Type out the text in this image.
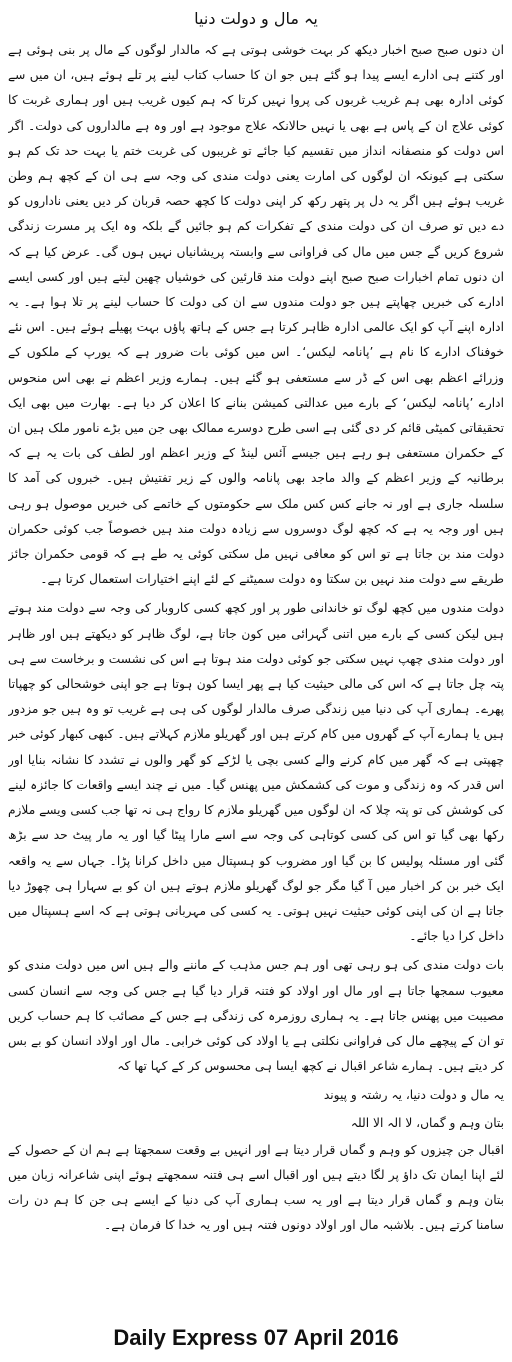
یہ مال و دولت دنیا

ان دنوں صبح صبح اخبار دیکھ کر بہت خوشی ہوتی ہے کہ مالدار لوگوں کے مال پر بنی ہوئی ہے اور کتنے ہی ادارے ایسے پیدا ہو گئے ہیں جو ان کا حساب کتاب لینے پر تلے ہوئے ہیں، ان میں سے کوئی ادارہ بھی ہم غریب غربوں کی پروا نہیں کرتا کہ ہم کیوں غریب ہیں اور ہماری غربت کا کوئی علاج ان کے پاس ہے بھی یا نہیں حالانکہ علاج موجود ہے اور وہ ہے مالداروں کی دولت۔ اگر اس دولت کو منصفانہ انداز میں تقسیم کیا جائے تو غریبوں کی غربت ختم یا بہت حد تک کم ہو سکتی ہے کیونکہ ان لوگوں کی امارت یعنی دولت مندی کی وجہ سے ہی ان کے کچھ ہم وطن غریب ہوئے ہیں اگر یہ دل پر پتھر رکھ کر اپنی دولت کا کچھ حصہ قربان کر دیں یعنی ناداروں کو دے دیں تو صرف ان کی دولت مندی کے تفکرات کم ہو جائیں گے بلکہ وہ ایک پر مسرت زندگی شروع کریں گے جس میں مال کی فراوانی سے وابستہ پریشانیاں نہیں ہوں گی۔ عرض کیا ہے کہ ان دنوں تمام اخبارات صبح صبح اپنے دولت مند قارئین کی خوشیاں چھین لیتے ہیں اور کسی ایسے ادارے کی خبریں چھاپتے ہیں جو دولت مندوں سے ان کی دولت کا حساب لینے پر تلا ہوا ہے۔ یہ ادارہ اپنے آپ کو ایک عالمی ادارہ ظاہر کرتا ہے جس کے ہاتھ پاؤں بہت پھیلے ہوئے ہیں۔ اس نئے خوفناک ادارے کا نام ہے ’پانامہ لیکس‘۔ اس میں کوئی بات ضرور ہے کہ یورپ کے ملکوں کے وزرائے اعظم بھی اس کے ڈر سے مستعفی ہو گئے ہیں۔ ہمارے وزیر اعظم نے بھی اس منحوس ادارے ’پانامہ لیکس‘ کے بارے میں عدالتی کمیشن بنانے کا اعلان کر دیا ہے۔ بھارت میں بھی ایک تحقیقاتی کمیٹی قائم کر دی گئی ہے اسی طرح دوسرے ممالک بھی جن میں بڑے نامور ملک ہیں ان کے حکمران مستعفی ہو رہے ہیں جیسے آئس لینڈ کے وزیر اعظم اور لطف کی بات یہ ہے کہ برطانیہ کے وزیر اعظم کے والد ماجد بھی پانامہ والوں کے زیر تفتیش ہیں۔ خبروں کی آمد کا سلسلہ جاری ہے اور نہ جانے کس کس ملک سے حکومتوں کے خاتمے کی خبریں موصول ہو رہی ہیں اور وجہ یہ ہے کہ کچھ لوگ دوسروں سے زیادہ دولت مند ہیں خصوصاً جب کوئی حکمران دولت مند بن جاتا ہے تو اس کو معافی نہیں مل سکتی کوئی یہ طے ہے کہ قومی حکمران جائز طریقے سے دولت مند نہیں بن سکتا وہ دولت سمیٹنے کے لئے اپنے اختیارات استعمال کرتا ہے۔

دولت مندوں میں کچھ لوگ تو خاندانی طور پر اور کچھ کسی کاروبار کی وجہ سے دولت مند ہوتے ہیں لیکن کسی کے بارے میں اتنی گہرائی میں کون جاتا ہے، لوگ ظاہر کو دیکھتے ہیں اور ظاہر اور دولت مندی چھپ نہیں سکتی جو کوئی دولت مند ہوتا ہے اس کی نشست و برخاست سے ہی پتہ چل جاتا ہے کہ اس کی مالی حیثیت کیا ہے پھر ایسا کون ہوتا ہے جو اپنی خوشحالی کو چھپاتا پھرے۔ ہماری آپ کی دنیا میں زندگی صرف مالدار لوگوں کی ہی ہے غریب تو وہ ہیں جو مزدور ہیں یا ہمارے آپ کے گھروں میں کام کرتے ہیں اور گھریلو ملازم کہلاتے ہیں۔ کبھی کبھار کوئی خبر چھپتی ہے کہ گھر میں کام کرنے والے کسی بچی یا لڑکے کو گھر والوں نے تشدد کا نشانہ بنایا اور اس قدر کہ وہ زندگی و موت کی کشمکش میں پھنس گیا۔ میں نے چند ایسے واقعات کا جائزہ لینے کی کوشش کی تو پتہ چلا کہ ان لوگوں میں گھریلو ملازم کا رواج ہی نہ تھا جب کسی ویسے ملازم رکھا بھی گیا تو اس کی کسی کوتاہی کی وجہ سے اسے مارا پیٹا گیا اور یہ مار پیٹ حد سے بڑھ گئی اور مسئلہ پولیس کا بن گیا اور مضروب کو ہسپتال میں داخل کرانا پڑا۔ جہاں سے یہ واقعہ ایک خبر بن کر اخبار میں آ گیا مگر جو لوگ گھریلو ملازم ہوتے ہیں ان کو بے سہارا ہی چھوڑ دیا جاتا ہے ان کی اپنی کوئی حیثیت نہیں ہوتی۔ یہ کسی کی مہربانی ہوتی ہے کہ اسے ہسپتال میں داخل کرا دیا جائے۔

بات دولت مندی کی ہو رہی تھی اور ہم جس مذہب کے ماننے والے ہیں اس میں دولت مندی کو معیوب سمجھا جاتا ہے اور مال اور اولاد کو فتنہ قرار دیا گیا ہے جس کی وجہ سے انسان کسی مصیبت میں پھنس جاتا ہے۔ یہ ہماری روزمرہ کی زندگی ہے جس کے مصائب کا ہم حساب کریں تو ان کے پیچھے مال کی فراوانی نکلتی ہے یا اولاد کی کوئی خرابی۔ مال اور اولاد انسان کو بے بس کر دیتے ہیں۔ ہمارے شاعر اقبال نے کچھ ایسا ہی محسوس کر کے کہا تھا کہ

یہ مال و دولت دنیا، یہ رشتہ و پیوند
بتان وہم و گماں، لا الہ الا اللہ

اقبال جن چیزوں کو وہم و گماں قرار دیتا ہے اور انہیں بے وقعت سمجھتا ہے ہم ان کے حصول کے لئے اپنا ایمان تک داؤ پر لگا دیتے ہیں اور اقبال اسے ہی فتنہ سمجھتے ہوئے اپنی شاعرانہ زبان میں بتان وہم و گماں قرار دیتا ہے اور یہ سب ہماری آپ کی دنیا کے ایسے ہی جن کا ہم دن رات سامنا کرتے ہیں۔ بلاشبہ مال اور اولاد دونوں فتنہ ہیں اور یہ خدا کا فرمان ہے۔

Daily Express 07 April 2016
